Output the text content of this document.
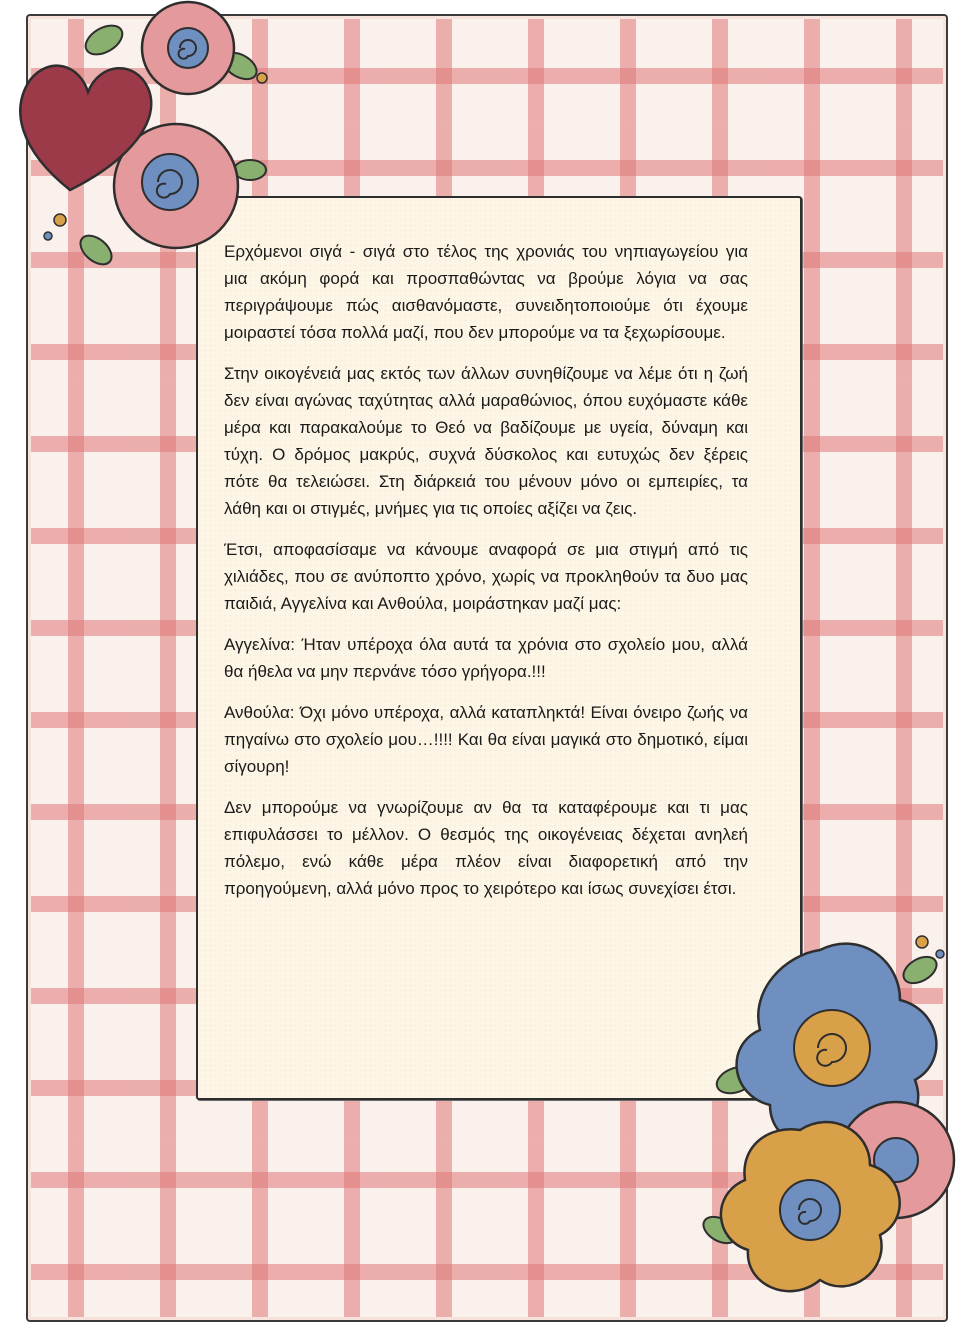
Ερχόμενοι σιγά - σιγά στο τέλος της χρονιάς του νηπιαγωγείου για μια ακόμη φορά και προσπαθώντας να βρούμε λόγια να σας περιγράψουμε πώς αισθανόμαστε, συνειδητοποιούμε ότι έχουμε μοιραστεί τόσα πολλά μαζί, που δεν μπορούμε να τα ξεχωρίσουμε.

Στην οικογένειά μας εκτός των άλλων συνηθίζουμε να λέμε ότι η ζωή δεν είναι αγώνας ταχύτητας αλλά μαραθώνιος, όπου ευχόμαστε κάθε μέρα και παρακαλούμε το Θεό να βαδίζουμε με υγεία, δύναμη και τύχη. Ο δρόμος μακρύς, συχνά δύσκολος και ευτυχώς δεν ξέρεις πότε θα τελειώσει. Στη διάρκειά του μένουν μόνο οι εμπειρίες, τα λάθη και οι στιγμές, μνήμες για τις οποίες αξίζει να ζεις.

Έτσι, αποφασίσαμε να κάνουμε αναφορά σε μια στιγμή από τις χιλιάδες, που σε ανύποπτο χρόνο, χωρίς να προκληθούν τα δυο μας παιδιά, Αγγελίνα και Ανθούλα, μοιράστηκαν μαζί μας:

Αγγελίνα: Ήταν υπέροχα όλα αυτά τα χρόνια στο σχολείο μου, αλλά θα ήθελα να μην περνάνε τόσο γρήγορα.!!!

Ανθούλα: Όχι μόνο υπέροχα, αλλά καταπληκτά! Είναι όνειρο ζωής να πηγαίνω στο σχολείο μου…!!!! Και θα είναι μαγικά στο δημοτικό, είμαι σίγουρη!

Δεν μπορούμε να γνωρίζουμε αν θα τα καταφέρουμε και τι μας επιφυλάσσει το μέλλον. Ο θεσμός της οικογένειας δέχεται ανηλεή πόλεμο, ενώ κάθε μέρα πλέον είναι διαφορετική από την προηγούμενη, αλλά μόνο προς το χειρότερο και ίσως συνεχίσει έτσι.
